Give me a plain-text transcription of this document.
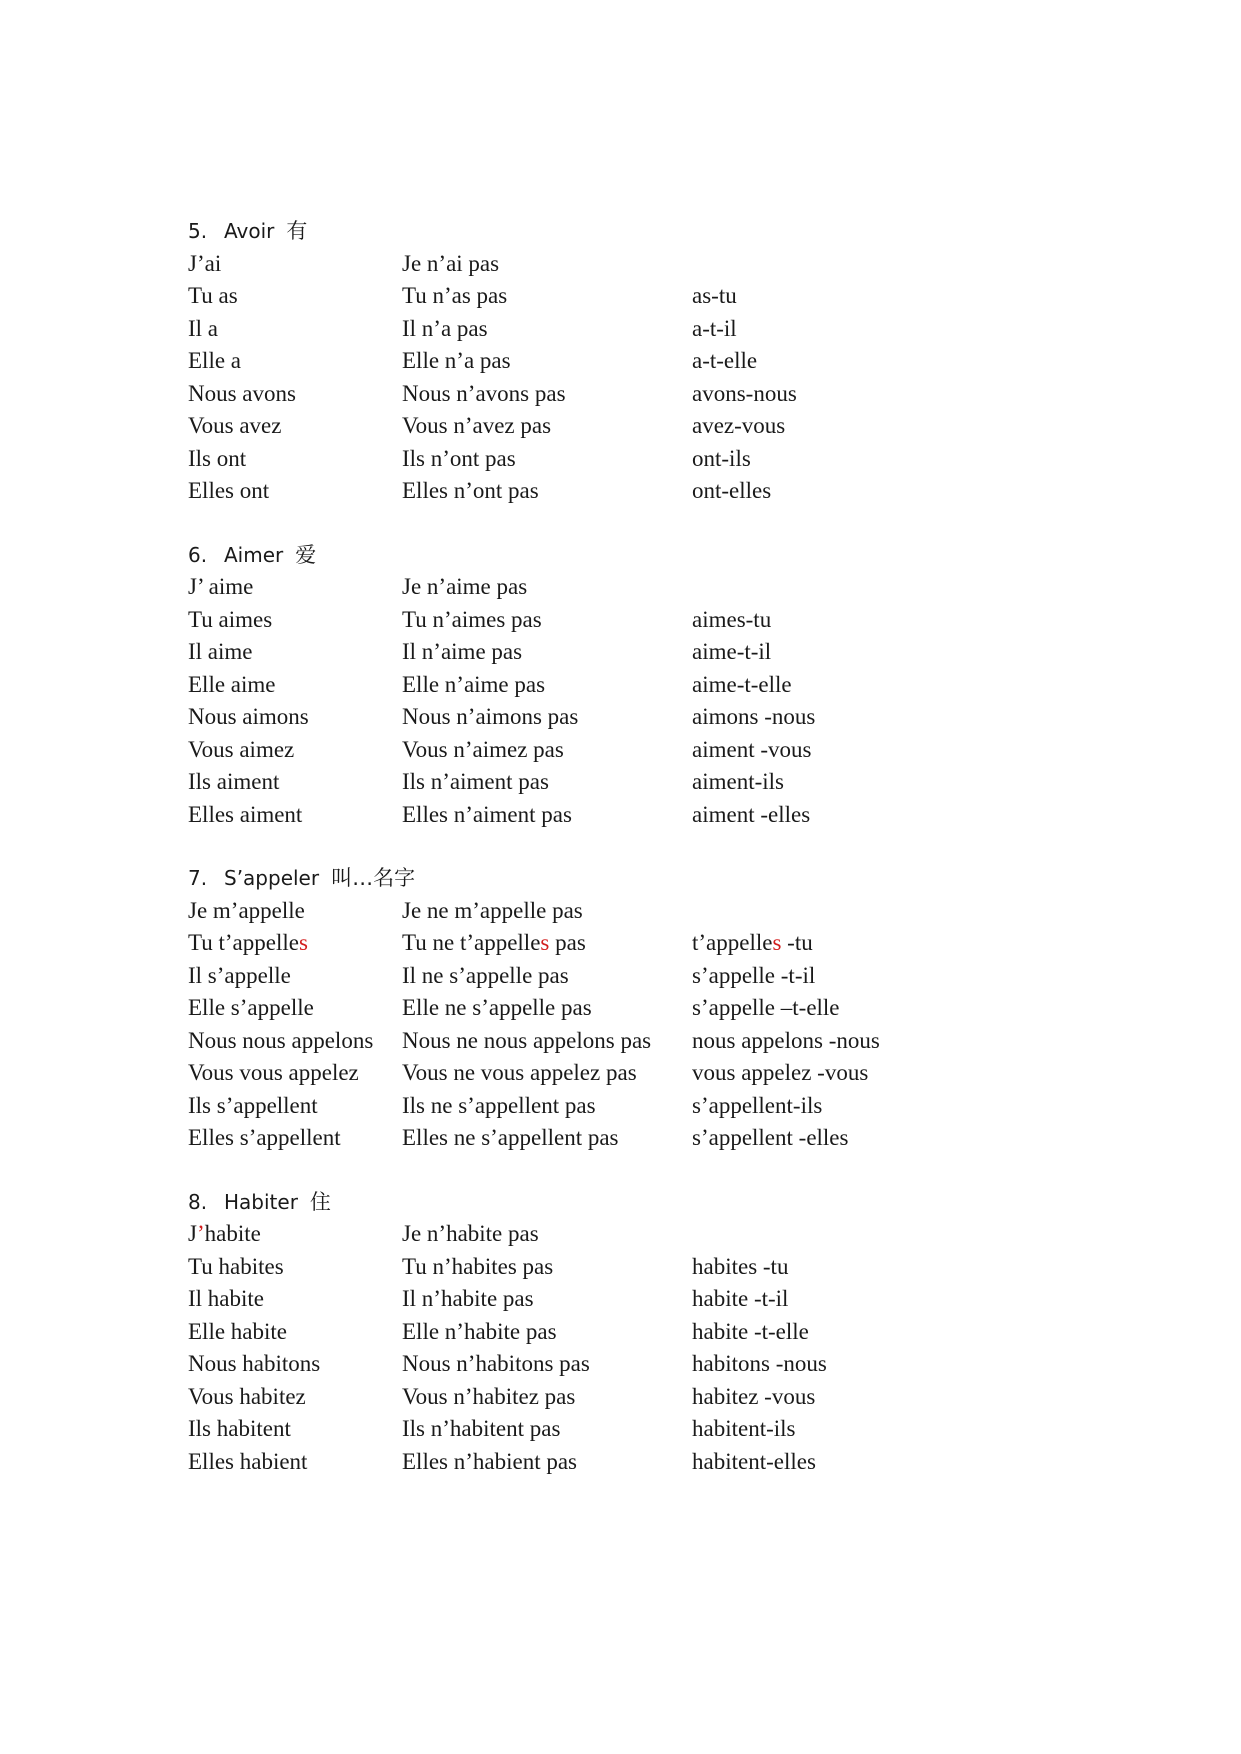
5. Avoir 有
J’ai	Je n’ai pas
Tu as	Tu n’as pas	as-tu
Il a	Il n’a pas	a-t-il
Elle a	Elle n’a pas	a-t-elle
Nous avons	Nous n’avons pas	avons-nous
Vous avez	Vous n’avez pas	avez-vous
Ils ont	Ils n’ont pas	ont-ils
Elles ont	Elles n’ont pas	ont-elles
6. Aimer 爱
J’ aime	Je n’aime pas
Tu aimes	Tu n’aimes pas	aimes-tu
Il aime	Il n’aime pas	aime-t-il
Elle aime	Elle n’aime pas	aime-t-elle
Nous aimons	Nous n’aimons pas	aimons -nous
Vous aimez	Vous n’aimez pas	aiment -vous
Ils aiment	Ils n’aiment pas	aiment-ils
Elles aiment	Elles n’aiment pas	aiment -elles
7. S’appeler 叫…名字
Je m’appelle	Je ne m’appelle pas
Tu t’appelles	Tu ne t’appelles pas	t’appelles -tu
Il s’appelle	Il ne s’appelle pas	s’appelle -t-il
Elle s’appelle	Elle ne s’appelle pas	s’appelle –t-elle
Nous nous appelons	Nous ne nous appelons pas	nous appelons -nous
Vous vous appelez	Vous ne vous appelez pas	vous appelez -vous
Ils s’appellent	Ils ne s’appellent pas	s’appellent-ils
Elles s’appellent	Elles ne s’appellent pas	s’appellent -elles
8. Habiter 住
J’habite	Je n’habite pas
Tu habites	Tu n’habites pas	habites -tu
Il habite	Il n’habite pas	habite -t-il
Elle habite	Elle n’habite pas	habite -t-elle
Nous habitons	Nous n’habitons pas	habitons -nous
Vous habitez	Vous n’habitez pas	habitez -vous
Ils habitent	Ils n’habitent pas	habitent-ils
Elles habient	Elles n’habient pas	habitent-elles
